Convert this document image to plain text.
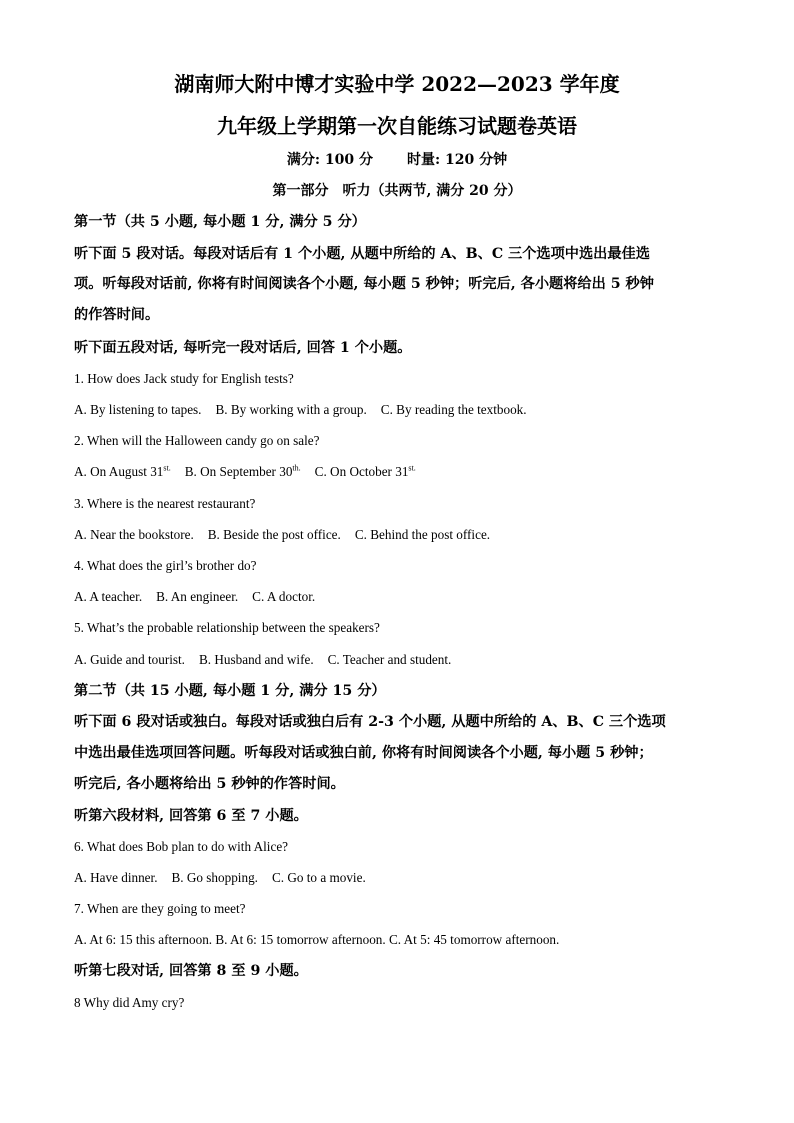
湖南师大附中博才实验中学 2022—2023 学年度
九年级上学期第一次自能练习试题卷英语
满分: 100 分 时量: 120 分钟
第一部分　听力（共两节, 满分 20 分）
第一节（共 5 小题, 每小题 1 分, 满分 5 分）
听下面 5 段对话。每段对话后有 1 个小题, 从题中所给的 A、B、C 三个选项中选出最佳选
项。听每段对话前, 你将有时间阅读各个小题, 每小题 5 秒钟；听完后, 各小题将给出 5 秒钟
的作答时间。
听下面五段对话, 每听完一段对话后, 回答 1 个小题。
1. How does Jack study for English tests?
A. By listening to tapes. B. By working with a group. C. By reading the textbook.
2. When will the Halloween candy go on sale?
A. On August $31^{st.}$ B. On September $30^{th.}$ C. On October $31^{st.}$
3. Where is the nearest restaurant?
A. Near the bookstore. B. Beside the post office. C. Behind the post office.
4. What does the girl’s brother do?
A. A teacher. B. An engineer. C. A doctor.
5. What’s the probable relationship between the speakers?
A. Guide and tourist. B. Husband and wife. C. Teacher and student.
第二节（共 15 小题, 每小题 1 分, 满分 15 分）
听下面 6 段对话或独白。每段对话或独白后有 2-3 个小题, 从题中所给的 A、B、C 三个选项
中选出最佳选项回答问题。听每段对话或独白前, 你将有时间阅读各个小题, 每小题 5 秒钟；
听完后, 各小题将给出 5 秒钟的作答时间。
听第六段材料, 回答第 6 至 7 小题。
6. What does Bob plan to do with Alice?
A. Have dinner. B. Go shopping. C. Go to a movie.
7. When are they going to meet?
A. At 6: 15 this afternoon. B. At 6: 15 tomorrow afternoon. C. At 5: 45 tomorrow afternoon.
听第七段对话, 回答第 8 至 9 小题。
8 Why did Amy cry?
